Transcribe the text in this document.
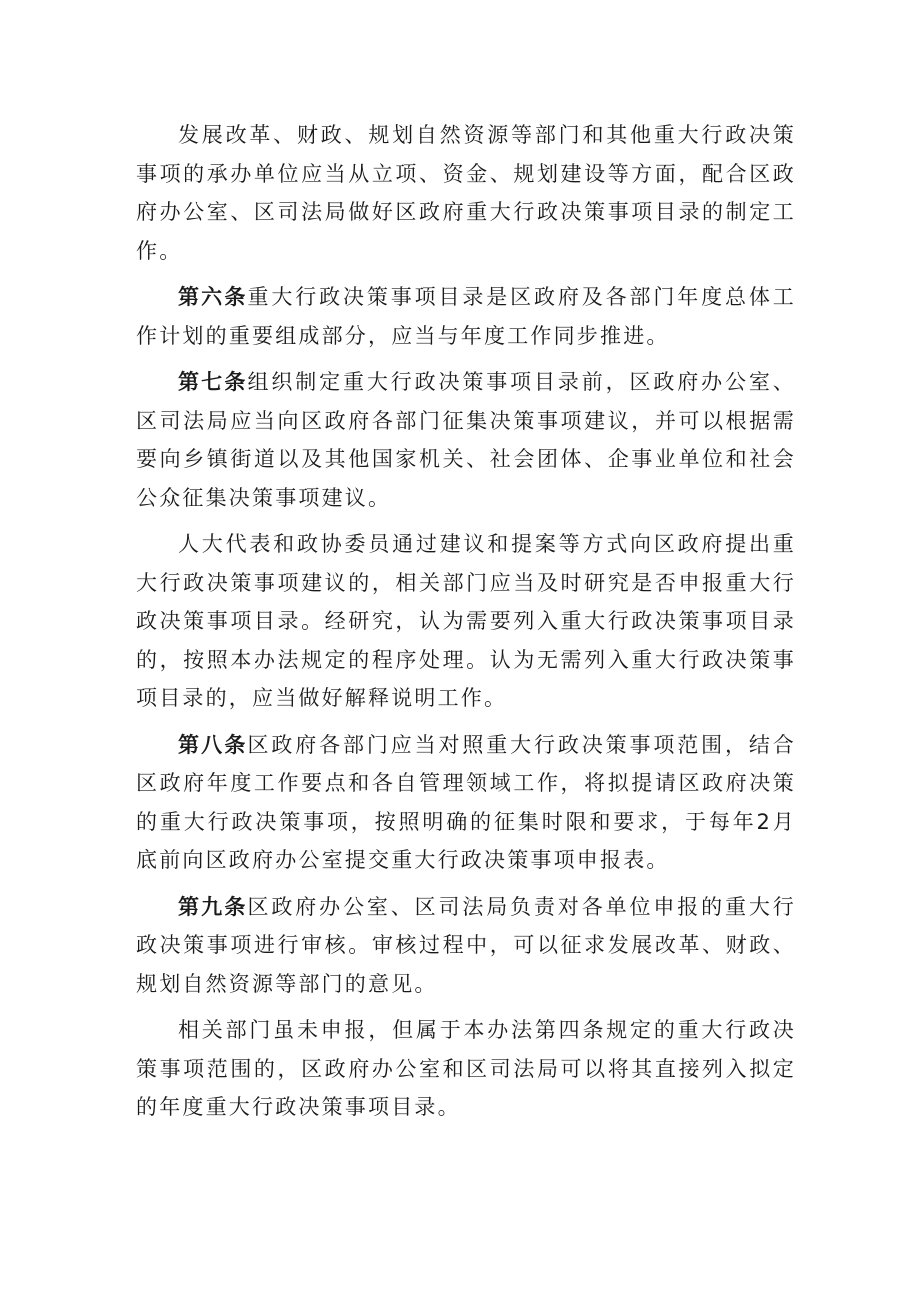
发展改革、财政、规划自然资源等部门和其他重大行政决策事项的承办单位应当从立项、资金、规划建设等方面，配合区政府办公室、区司法局做好区政府重大行政决策事项目录的制定工作。

第六条重大行政决策事项目录是区政府及各部门年度总体工作计划的重要组成部分，应当与年度工作同步推进。

第七条组织制定重大行政决策事项目录前，区政府办公室、区司法局应当向区政府各部门征集决策事项建议，并可以根据需要向乡镇街道以及其他国家机关、社会团体、企事业单位和社会公众征集决策事项建议。

人大代表和政协委员通过建议和提案等方式向区政府提出重大行政决策事项建议的，相关部门应当及时研究是否申报重大行政决策事项目录。经研究，认为需要列入重大行政决策事项目录的，按照本办法规定的程序处理。认为无需列入重大行政决策事项目录的，应当做好解释说明工作。

第八条区政府各部门应当对照重大行政决策事项范围，结合区政府年度工作要点和各自管理领域工作，将拟提请区政府决策的重大行政决策事项，按照明确的征集时限和要求，于每年2月底前向区政府办公室提交重大行政决策事项申报表。

第九条区政府办公室、区司法局负责对各单位申报的重大行政决策事项进行审核。审核过程中，可以征求发展改革、财政、规划自然资源等部门的意见。

相关部门虽未申报，但属于本办法第四条规定的重大行政决策事项范围的，区政府办公室和区司法局可以将其直接列入拟定的年度重大行政决策事项目录。
